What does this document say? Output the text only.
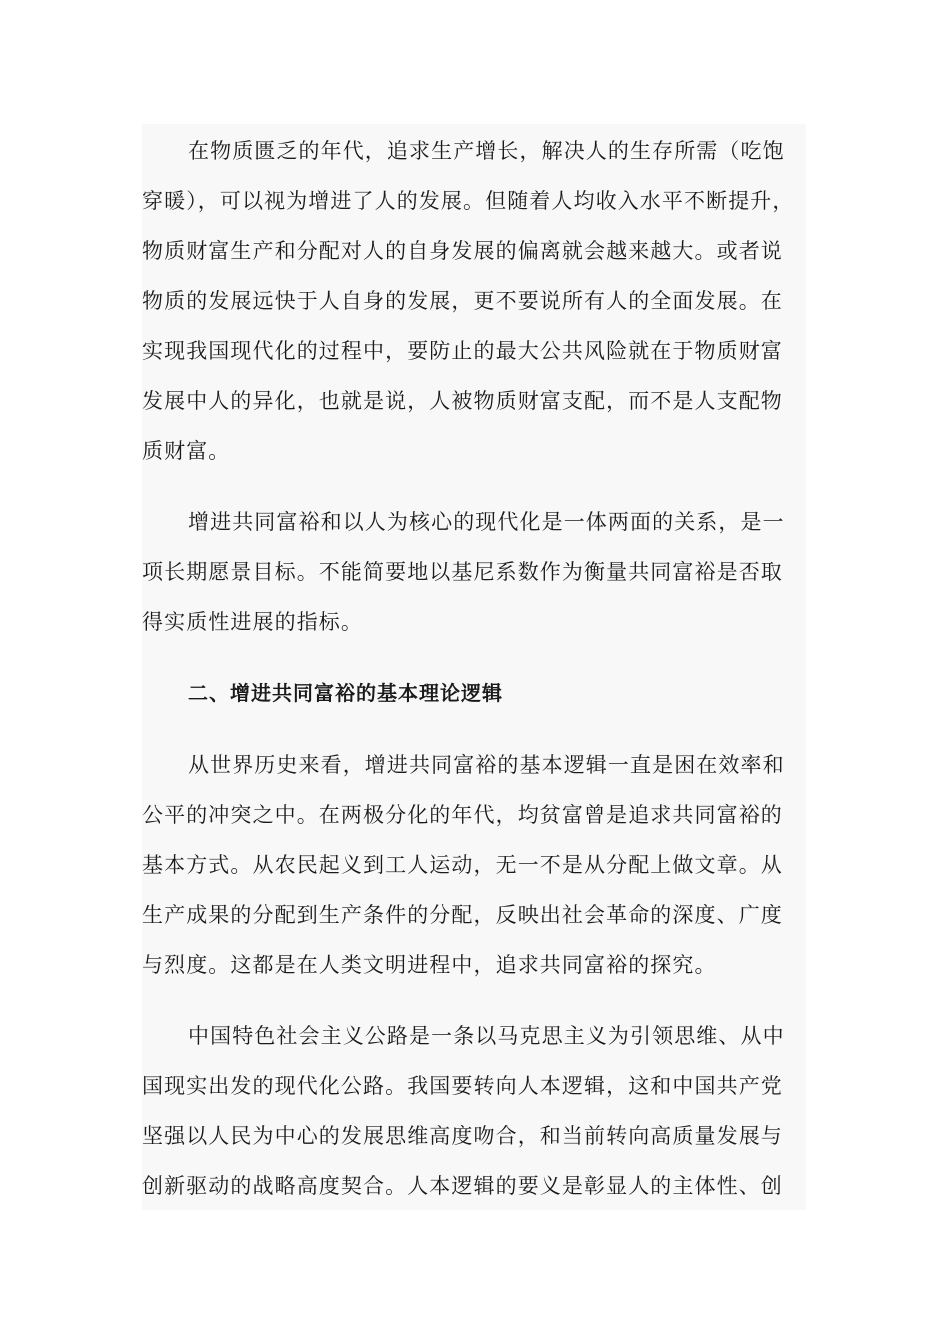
在物质匮乏的年代，追求生产增长，解决人的生存所需（吃饱
穿暖），可以视为增进了人的发展。但随着人均收入水平不断提升，
物质财富生产和分配对人的自身发展的偏离就会越来越大。或者说
物质的发展远快于人自身的发展，更不要说所有人的全面发展。在
实现我国现代化的过程中，要防止的最大公共风险就在于物质财富
发展中人的异化，也就是说，人被物质财富支配，而不是人支配物
质财富。
增进共同富裕和以人为核心的现代化是一体两面的关系，是一
项长期愿景目标。不能简要地以基尼系数作为衡量共同富裕是否取
得实质性进展的指标。
二、增进共同富裕的基本理论逻辑
从世界历史来看，增进共同富裕的基本逻辑一直是困在效率和
公平的冲突之中。在两极分化的年代，均贫富曾是追求共同富裕的
基本方式。从农民起义到工人运动，无一不是从分配上做文章。从
生产成果的分配到生产条件的分配，反映出社会革命的深度、广度
与烈度。这都是在人类文明进程中，追求共同富裕的探究。
中国特色社会主义公路是一条以马克思主义为引领思维、从中
国现实出发的现代化公路。我国要转向人本逻辑，这和中国共产党
坚强以人民为中心的发展思维高度吻合，和当前转向高质量发展与
创新驱动的战略高度契合。人本逻辑的要义是彰显人的主体性、创
